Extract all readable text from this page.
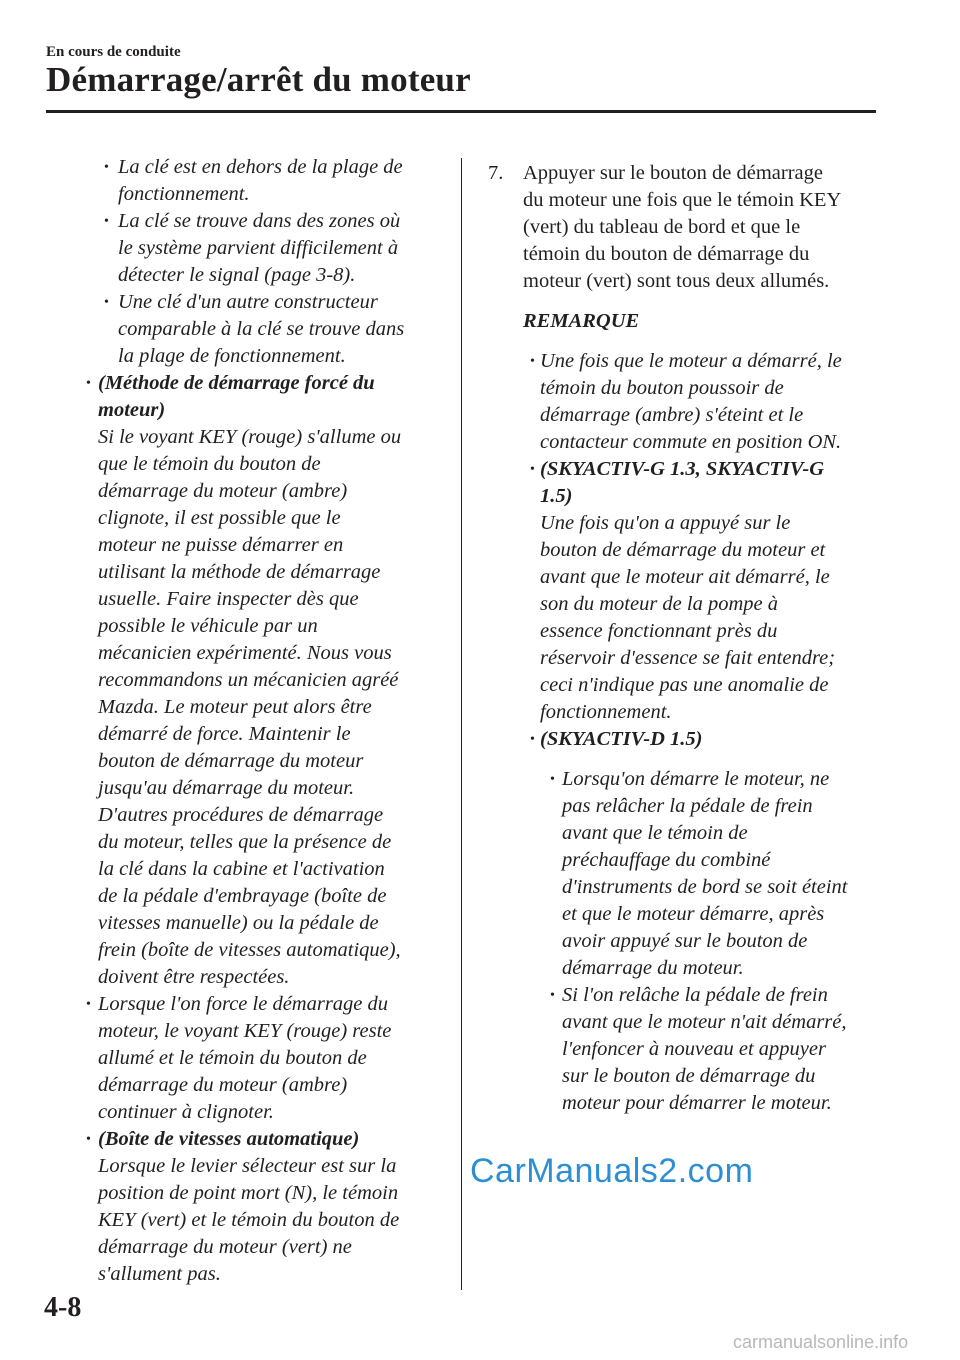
En cours de conduite
Démarrage/arrêt du moteur
• La clé est en dehors de la plage de
fonctionnement.
• La clé se trouve dans des zones où
le système parvient difficilement à
détecter le signal (page 3-8).
• Une clé d'un autre constructeur
comparable à la clé se trouve dans
la plage de fonctionnement.
• (Méthode de démarrage forcé du
moteur)
Si le voyant KEY (rouge) s'allume ou
que le témoin du bouton de
démarrage du moteur (ambre)
clignote, il est possible que le
moteur ne puisse démarrer en
utilisant la méthode de démarrage
usuelle. Faire inspecter dès que
possible le véhicule par un
mécanicien expérimenté. Nous vous
recommandons un mécanicien agréé
Mazda. Le moteur peut alors être
démarré de force. Maintenir le
bouton de démarrage du moteur
jusqu'au démarrage du moteur.
D'autres procédures de démarrage
du moteur, telles que la présence de
la clé dans la cabine et l'activation
de la pédale d'embrayage (boîte de
vitesses manuelle) ou la pédale de
frein (boîte de vitesses automatique),
doivent être respectées.
• Lorsque l'on force le démarrage du
moteur, le voyant KEY (rouge) reste
allumé et le témoin du bouton de
démarrage du moteur (ambre)
continuer à clignoter.
• (Boîte de vitesses automatique)
Lorsque le levier sélecteur est sur la
position de point mort (N), le témoin
KEY (vert) et le témoin du bouton de
démarrage du moteur (vert) ne
s'allument pas.
7. Appuyer sur le bouton de démarrage
du moteur une fois que le témoin KEY
(vert) du tableau de bord et que le
témoin du bouton de démarrage du
moteur (vert) sont tous deux allumés.
REMARQUE
• Une fois que le moteur a démarré, le
témoin du bouton poussoir de
démarrage (ambre) s'éteint et le
contacteur commute en position ON.
• (SKYACTIV-G 1.3, SKYACTIV-G
1.5)
Une fois qu'on a appuyé sur le
bouton de démarrage du moteur et
avant que le moteur ait démarré, le
son du moteur de la pompe à
essence fonctionnant près du
réservoir d'essence se fait entendre;
ceci n'indique pas une anomalie de
fonctionnement.
• (SKYACTIV-D 1.5)
• Lorsqu'on démarre le moteur, ne
pas relâcher la pédale de frein
avant que le témoin de
préchauffage du combiné
d'instruments de bord se soit éteint
et que le moteur démarre, après
avoir appuyé sur le bouton de
démarrage du moteur.
• Si l'on relâche la pédale de frein
avant que le moteur n'ait démarré,
l'enfoncer à nouveau et appuyer
sur le bouton de démarrage du
moteur pour démarrer le moteur.
CarManuals2.com
4-8
carmanualsonline.info
